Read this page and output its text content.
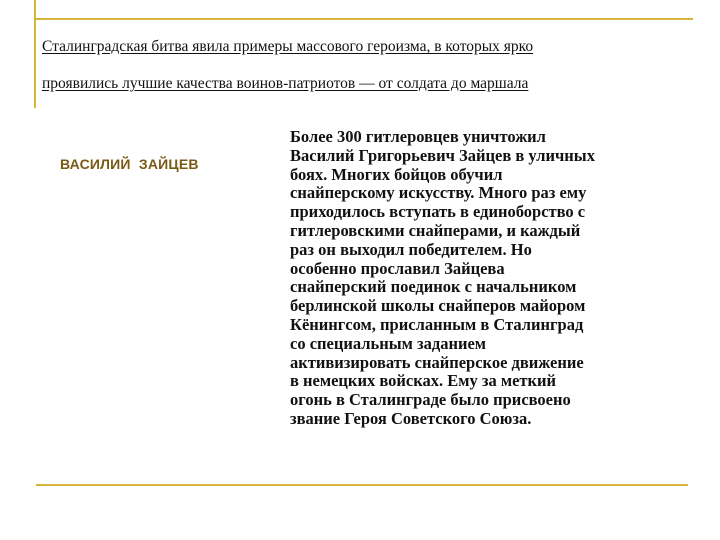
Сталинградская битва явила примеры массового героизма, в которых ярко
проявились лучшие качества воинов-патриотов — от солдата до маршала
ВАСИЛИЙ  ЗАЙЦЕВ
Более 300 гитлеровцев уничтожил
Василий Григорьевич Зайцев в уличных
боях. Многих бойцов обучил
снайперскому искусству. Много раз ему
приходилось вступать в единоборство с
гитлеровскими снайперами, и каждый
раз он выходил победителем. Но
особенно прославил Зайцева
снайперский поединок с начальником
берлинской школы снайперов майором
Кёнингсом, присланным в Сталинград
со специальным заданием
активизировать снайперское движение
в немецких войсках. Ему за меткий
огонь в Сталинграде было присвоено
звание Героя Советского Союза.
